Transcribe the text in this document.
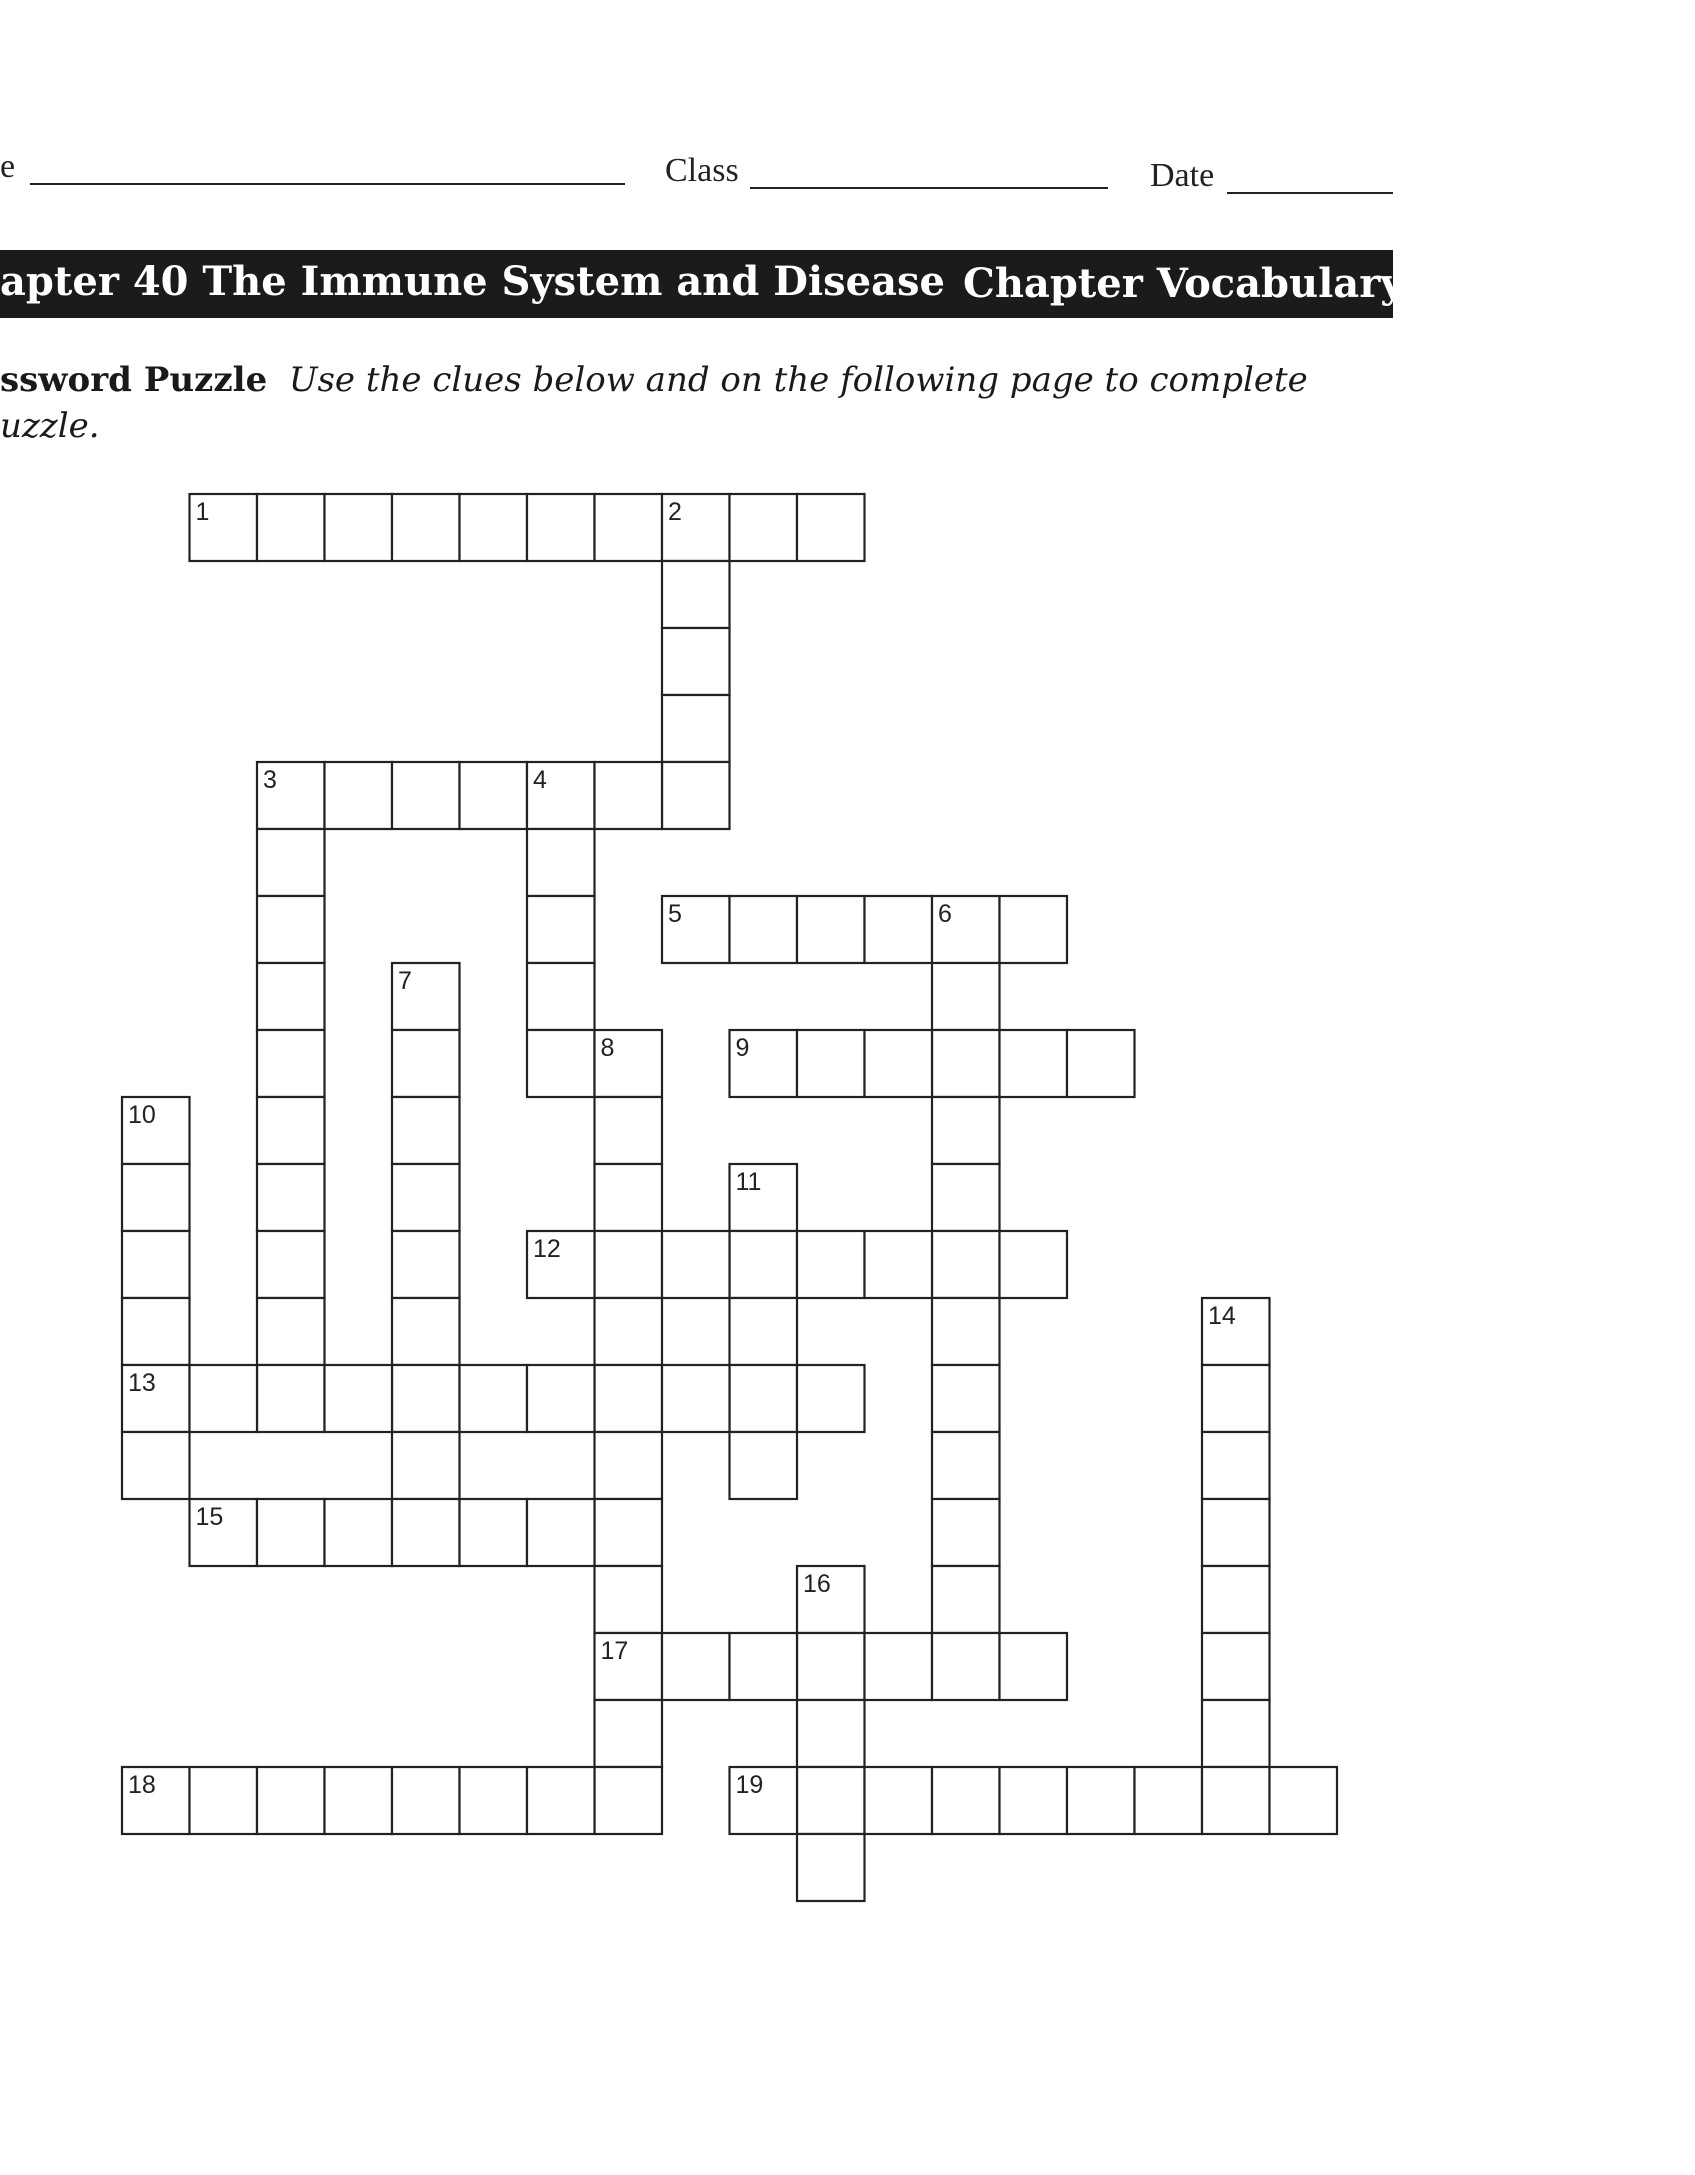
e	Class	Date
apter 40 The Immune System and Disease Chapter Vocabulary Re
ssword Puzzle Use the clues below and on the following page to complete
uzzle.
1	2
3	4
5	6
7
8	9
10
11
12
13
14
15
16
17
18	19
